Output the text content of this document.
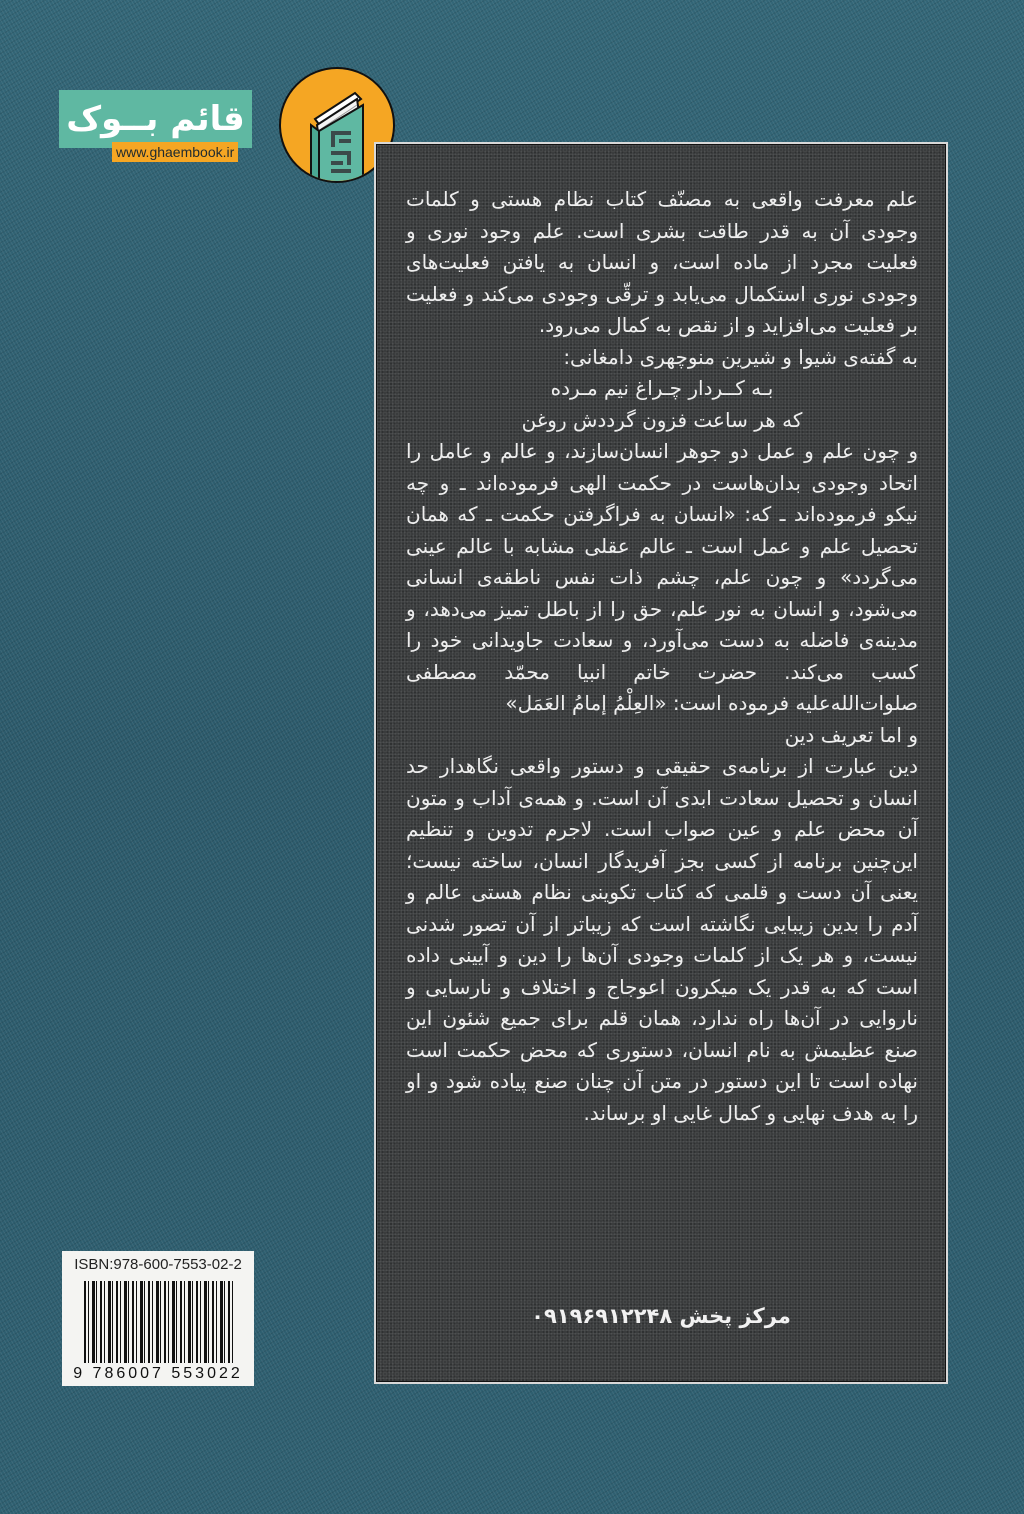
قائم بــوک
www.ghaembook.ir

علم معرفت واقعی به مصنّف کتاب نظام هستی و کلمات وجودی آن به قدر طاقت بشری است. علم وجود نوری و فعلیت مجرد از ماده است، و انسان به یافتن فعلیت‌های وجودی نوری استکمال می‌یابد و ترقّی وجودی می‌کند و فعلیت بر فعلیت می‌افزاید و از نقص به کمال می‌رود.

به گفته‌ی شیوا و شیرین منوچهری دامغانی:

بـه کــردار چـراغ نیم مـرده
که هر ساعت فزون گرددش روغن

و چون علم و عمل دو جوهر انسان‌سازند، و عالم و عامل را اتحاد وجودی بدان‌هاست در حکمت الهی فرموده‌اند ـ و چه نیکو فرموده‌اند ـ که: «انسان به فراگرفتن حکمت ـ که همان تحصیل علم و عمل است ـ عالم عقلی مشابه با عالم عینی می‌گردد» و چون علم، چشم ذات نفس ناطقه‌ی انسانی می‌شود، و انسان به نور علم، حق را از باطل تمیز می‌دهد، و مدینه‌ی فاضله به دست می‌آورد، و سعادت جاویدانی خود را کسب می‌کند. حضرت خاتم انبیا محمّد مصطفی صلوات‌الله‌علیه فرموده است: «العِلْمُ إمامُ العَمَل»

و اما تعریف دین

دین عبارت از برنامه‌ی حقیقی و دستور واقعی نگاهدار حد انسان و تحصیل سعادت ابدی آن است. و همه‌ی آداب و متون آن محض علم و عین صواب است. لاجرم تدوین و تنظیم این‌چنین برنامه از کسی بجز آفریدگار انسان، ساخته نیست؛ یعنی آن دست و قلمی که کتاب تکوینی نظام هستی عالم و آدم را بدین زیبایی نگاشته است که زیباتر از آن تصور شدنی نیست، و هر یک از کلمات وجودی آن‌ها را دین و آیینی داده است که به قدر یک میکرون اعوجاج و اختلاف و نارسایی و ناروایی در آن‌ها راه ندارد، همان قلم برای جمیع شئون این صنع عظیمش به نام انسان، دستوری که محض حکمت است نهاده است تا این دستور در متن آن چنان صنع پیاده شود و او را به هدف نهایی و کمال غایی او برساند.

مرکز پخش ۰۹۱۹۶۹۱۲۲۴۸
ISBN:978-600-7553-02-2
9 786007 553022
